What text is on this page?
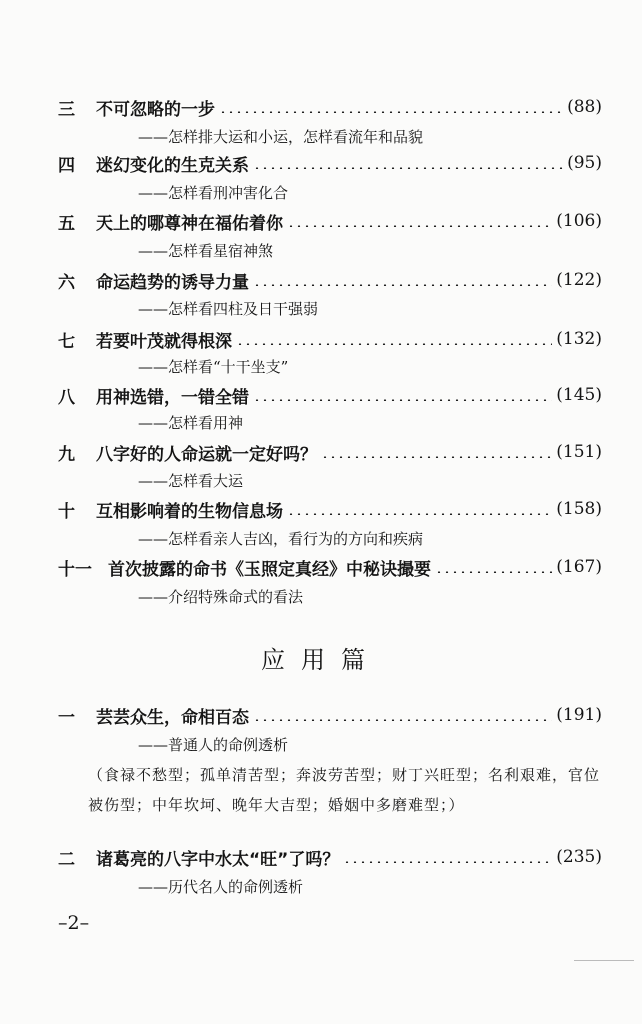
三	不可忽略的一步	(88)
——怎样排大运和小运，怎样看流年和品貌
四	迷幻变化的生克关系	(95)
——怎样看刑冲害化合
五	天上的哪尊神在福佑着你	(106)
——怎样看星宿神煞
六	命运趋势的诱导力量	(122)
——怎样看四柱及日干强弱
七	若要叶茂就得根深	(132)
——怎样看“十干坐支”
八	用神选错，一错全错	(145)
——怎样看用神
九	八字好的人命运就一定好吗？	(151)
——怎样看大运
十	互相影响着的生物信息场	(158)
——怎样看亲人吉凶，看行为的方向和疾病
十一 首次披露的命书《玉照定真经》中秘诀撮要	(167)
——介绍特殊命式的看法
应用篇
一	芸芸众生，命相百态	(191)
——普通人的命例透析
（食禄不愁型；孤单清苦型；奔波劳苦型；财丁兴旺型；名利艰难，官位被伤型；中年坎坷、晚年大吉型；婚姻中多磨难型；）
二	诸葛亮的八字中水太“旺”了吗？	(235)
——历代名人的命例透析
–2–
